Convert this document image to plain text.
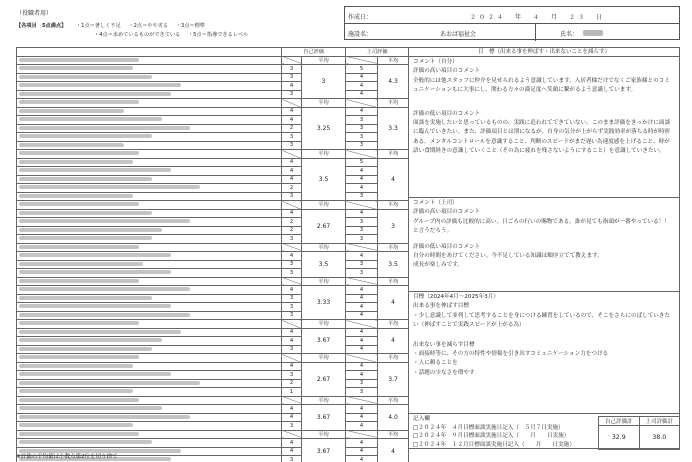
（役職者用）
【各項目　5点満点】 ・1点＝著しく不足 ・2点＝やや劣る ・3点＝標準
・4点＝求めているものができている ・5点＝指導できるレベル
作成日：	２０２４　年　４　月　２３　日
施設名：	あおば福祉会	氏名：
	自己評価		上司評価	
		平均		平均
	3	3	5	4.3
	3		4	
	4		4	
	3		4	
		平均		平均
	4	3.25	4	3.3
	4		3	
	2		3	
	3		3	
	3		3	
		平均		平均
	4	3.5	5	4
	4		4	
	4		4	
	2		4	
	3		3	
		平均		平均
	4	2.67	4	3
	2		3	
	2		3	
	3		3	
		平均		平均
	4	3.5	4	3.5
	3		3	
	3		3	
		平均		平均
	4	3.33	4	4
	3		4	
	3		4	
	3		4	
		平均		平均
	4	3.67	4	4
	4		4	
	3		4	
		平均		平均
	4	2.67	4	3.7
	3		4	
	2		3	
	1		3	
		平均		平均
	4	3.67	4	4.0
	4		4	
	3		4	
		平均		平均
	4	3.67	4	4
	4		4	
	3		4	
目　標（出来る事を伸ばす・出来ないことを減らす）

コメント（自分）

評価の高い項目のコメント

全般的には他スタッフに仲介を見せられるよう意識しています。入居者様だけでなくご家族様とのコミュニケーションもに大事にし、関わる方々の満足度へ笑顔に繋がるよう意識しています。

評価の低い項目のコメント

面談を実施したいと思っているものの、実践に追われてできていない。このまま評価をきっかけに面談に臨んでいきたい。また、評価項目とは別になるが、自身の気分が上がらず実践効率が落ちる時が時折ある。メンタルコントロールを意識すること、判断のスピードがまだ遅い為速度感を上げること、時が語い食期経きの意識していくこと（その為に疲れを残さないようにすること）を意識していきたい。

コメント（上司）

評価の高い項目のコメント

グループ内の評価も比較的に高い。日ごろの行いの賜物である。誰が見ても指頭が一番やっている！！と言うだろう。

評価の低い項目のコメント

自分の時間をあけてください。今不足している知識は順序立てて教えます。

成長が楽しみです。

目標（2024年4月～2025年3月）

出来る事を伸ばす目標

・少し意識して並列して思考することを身につける練習をしているので、そこをさらにのばしていきたい（伸ばすことで実践スピードが上がる為）

出来ない事を減らす目標

・面接時等に、その方の特性や情報を引き出すコミュニケーション力をつける

・人に頼ることを

・話題の少なさを増やす

記入欄

□２０２４年　４月目標面談実施日記入（　５月７日実施）

□２０２４年　９月目標面談実施日記入（　　月　　日実施）

□２０２４年　１２月目標面談実施日記入（　　月　　日実施）

自己評価計	上司評価計
32.9	38.0
※評価の平均値は小数点第2位を切り捨て
